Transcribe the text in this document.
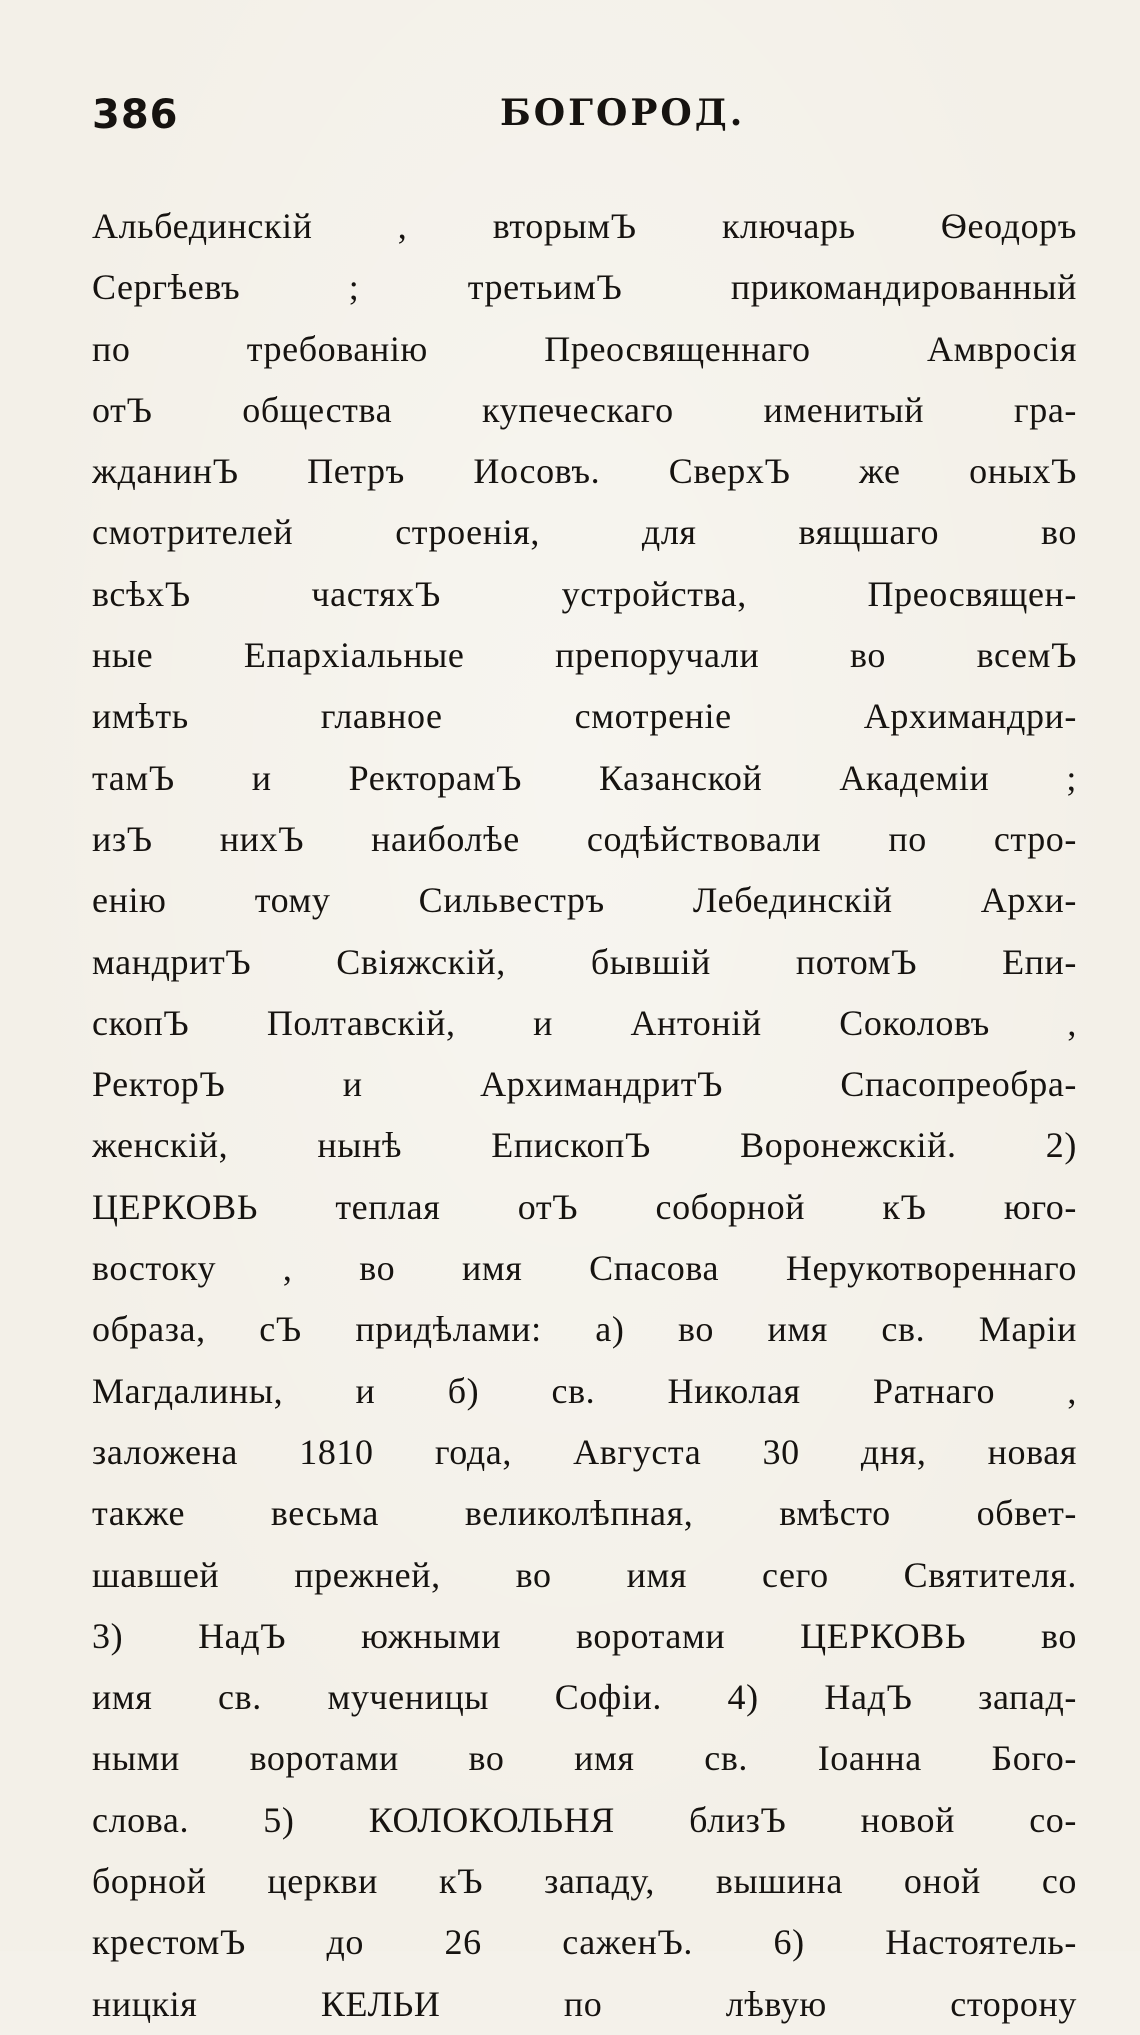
386	БОГОРОД.
Альбединскій , вторымЪ ключарь Ѳеодоръ
Сергѣевъ ; третьимЪ прикомандированный
по требованію Преосвященнаго Амвросія
отЪ общества купеческаго именитый гра-
жданинЪ Петръ Иосовъ. СверхЪ же оныхЪ
смотрителей строенія, для вящшаго во
всѣхЪ частяхЪ устройства, Преосвящен-
ные Епархіальные препоручали во всемЪ
имѣть главное смотреніе Архимандри-
тамЪ и РекторамЪ Казанской Академіи ;
изЪ нихЪ наиболѣе содѣйствовали по стро-
енію тому Сильвестръ Лебединскій Архи-
мандритЪ Свіяжскій, бывшій потомЪ Епи-
скопЪ Полтавскій, и Антоній Соколовъ ,
РекторЪ и АрхимандритЪ Спасопреобра-
женскій, нынѣ ЕпископЪ Воронежскій. 2)
ЦЕРКОВЬ теплая отЪ соборной кЪ юго-
востоку , во имя Спасова Нерукотвореннаго
образа, сЪ придѣлами: а) во имя св. Маріи
Магдалины, и б) св. Николая Ратнаго ,
заложена 1810 года, Августа 30 дня, новая
также весьма великолѣпная, вмѣсто обвет-
шавшей прежней, во имя сего Святителя.
3) НадЪ южными воротами ЦЕРКОВЬ во
имя св. мученицы Софіи. 4) НадЪ запад-
ными воротами во имя св. Іоанна Бого-
слова. 5) КОЛОКОЛЬНЯ близЪ новой со-
борной церкви кЪ западу, вышина оной со
крестомЪ до 26 саженЪ. 6) Настоятель-
ницкія КЕЛЬИ по лѣвую сторону
